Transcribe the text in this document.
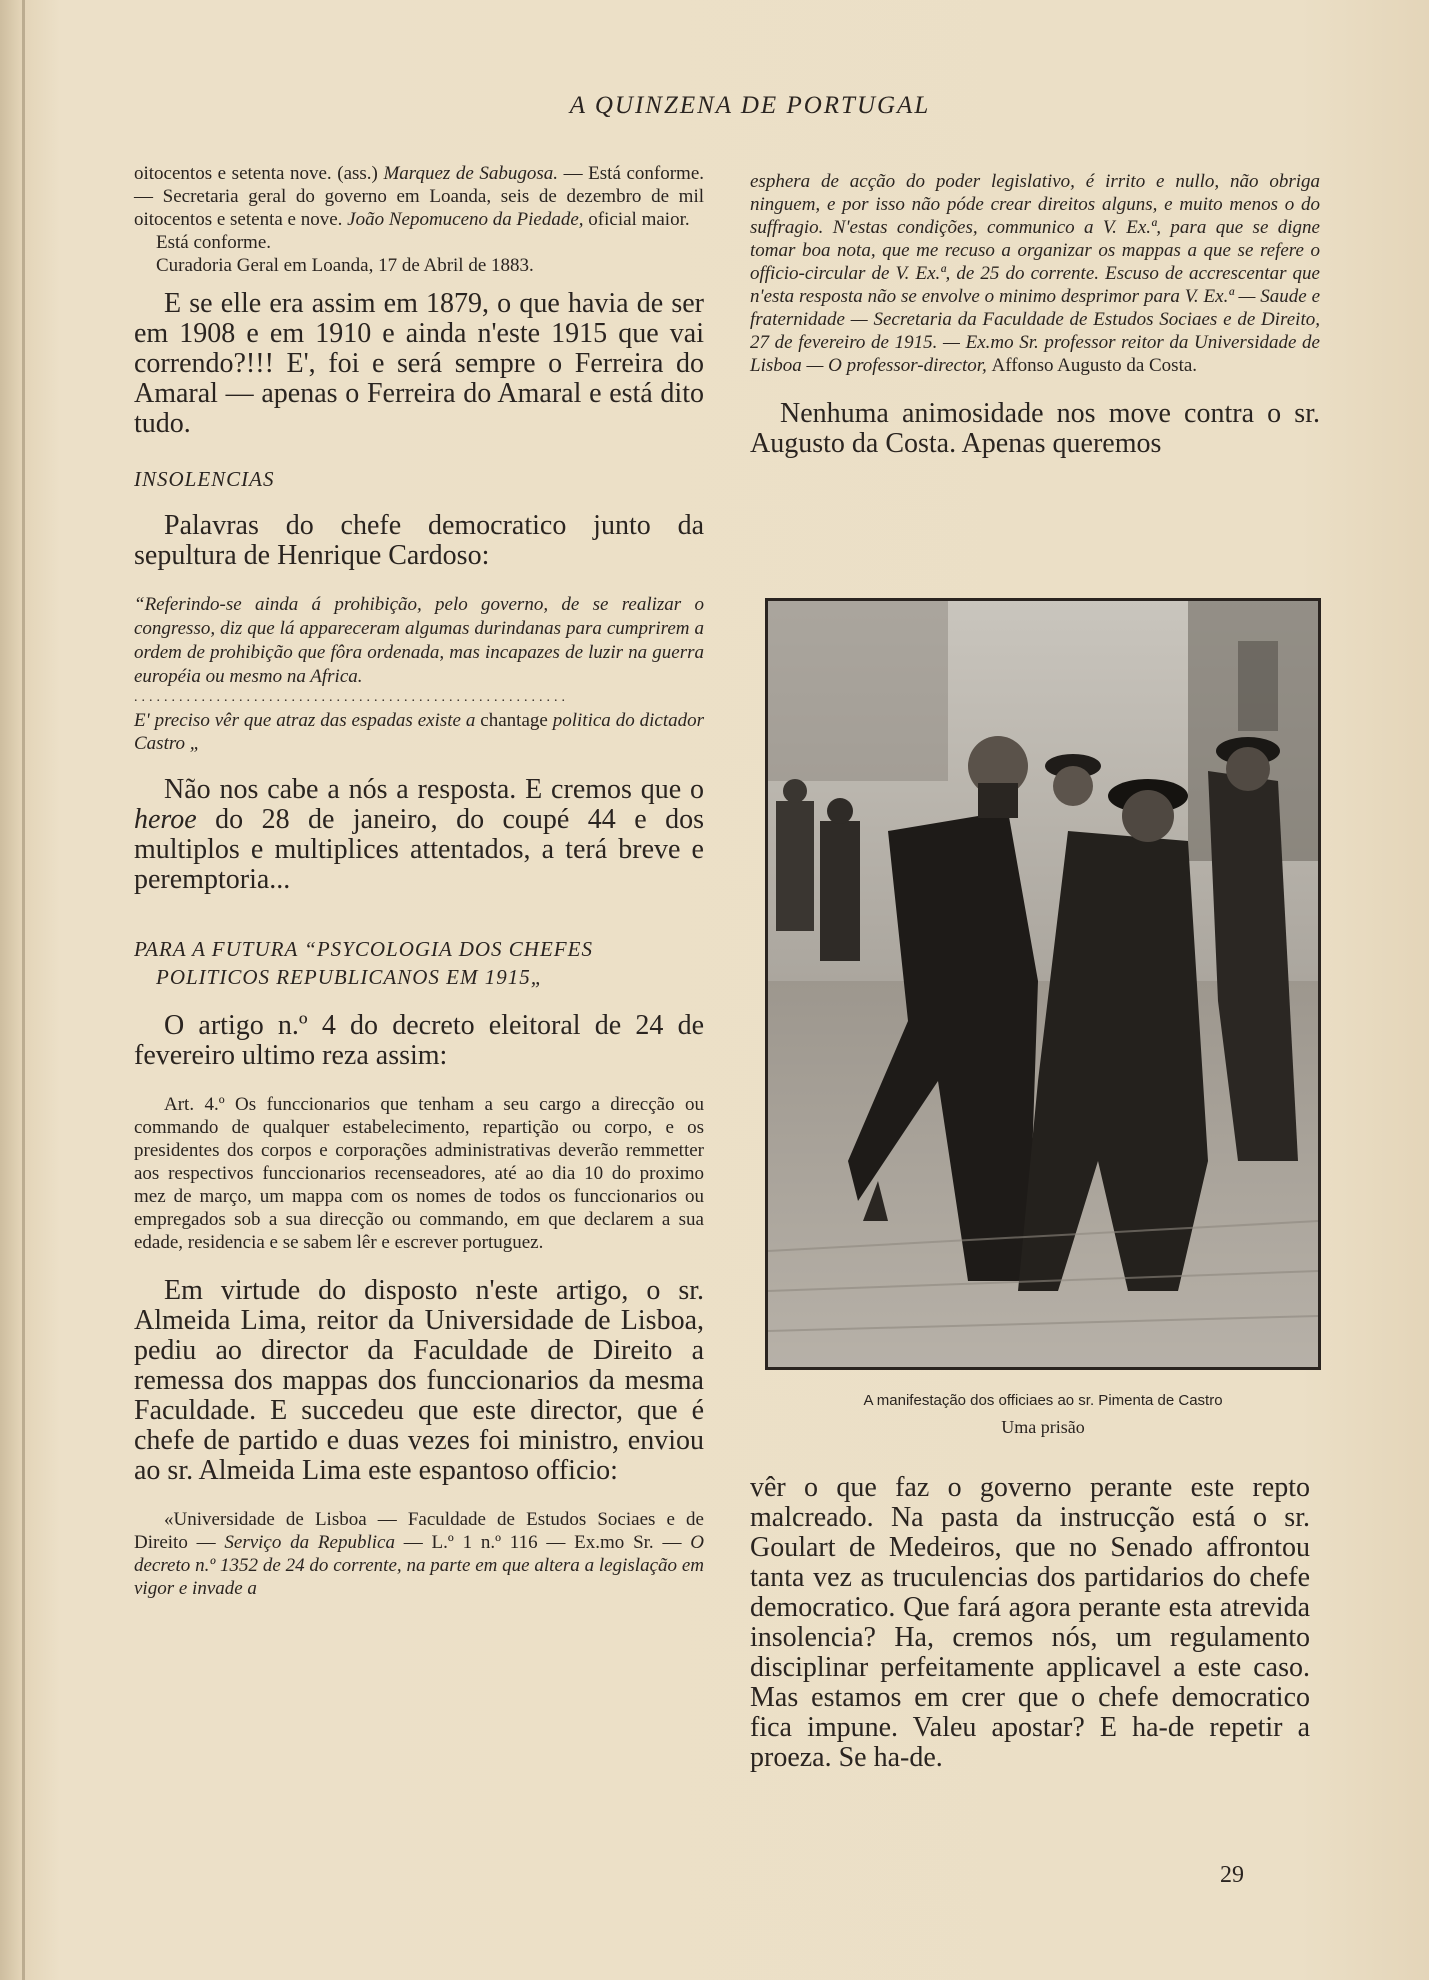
A QUINZENA DE PORTUGAL

oitocentos e setenta nove. (ass.) Marquez de Sabugosa. — Está conforme. — Secretaria geral do governo em Loanda, seis de dezembro de mil oitocentos e setenta e nove. João Nepomuceno da Piedade, oficial maior.

Está conforme.

Curadoria Geral em Loanda, 17 de Abril de 1883.

E se elle era assim em 1879, o que havia de ser em 1908 e em 1910 e ainda n'este 1915 que vai correndo?!!! E', foi e será sempre o Ferreira do Amaral — apenas o Ferreira do Amaral e está dito tudo.

INSOLENCIAS

Palavras do chefe democratico junto da sepultura de Henrique Cardoso:

“Referindo-se ainda á prohibição, pelo governo, de se realizar o congresso, diz que lá appareceram algumas durindanas para cumprirem a ordem de prohibição que fôra ordenada, mas incapazes de luzir na guerra européia ou mesmo na Africa.

..........................................................

E' preciso vêr que atraz das espadas existe a chantage politica do dictador Castro „

Não nos cabe a nós a resposta. E cremos que o heroe do 28 de janeiro, do coupé 44 e dos multiplos e multiplices attentados, a terá breve e peremptoria...

PARA A FUTURA “PSYCOLOGIA DOS CHEFES

POLITICOS REPUBLICANOS EM 1915„

O artigo n.º 4 do decreto eleitoral de 24 de fevereiro ultimo reza assim:

Art. 4.º Os funccionarios que tenham a seu cargo a direcção ou commando de qualquer estabelecimento, repartição ou corpo, e os presidentes dos corpos e corporações administrativas deverão remmetter aos respectivos funccionarios recenseadores, até ao dia 10 do proximo mez de março, um mappa com os nomes de todos os funccionarios ou empregados sob a sua direcção ou commando, em que declarem a sua edade, residencia e se sabem lêr e escrever portuguez.

Em virtude do disposto n'este artigo, o sr. Almeida Lima, reitor da Universidade de Lisboa, pediu ao director da Faculdade de Direito a remessa dos mappas dos funccionarios da mesma Faculdade. E succedeu que este director, que é chefe de partido e duas vezes foi ministro, enviou ao sr. Almeida Lima este espantoso officio:

«Universidade de Lisboa — Faculdade de Estudos Sociaes e de Direito — Serviço da Republica — L.º 1 n.º 116 — Ex.mo Sr. — O decreto n.º 1352 de 24 do corrente, na parte em que altera a legislação em vigor e invade a

esphera de acção do poder legislativo, é irrito e nullo, não obriga ninguem, e por isso não póde crear direitos alguns, e muito menos o do suffragio. N'estas condições, communico a V. Ex.ª, para que se digne tomar boa nota, que me recuso a organizar os mappas a que se refere o officio-circular de V. Ex.ª, de 25 do corrente. Escuso de accrescentar que n'esta resposta não se envolve o minimo desprimor para V. Ex.ª — Saude e fraternidade — Secretaria da Faculdade de Estudos Sociaes e de Direito, 27 de fevereiro de 1915. — Ex.mo Sr. professor reitor da Universidade de Lisboa — O professor-director, Affonso Augusto da Costa.

Nenhuma animosidade nos move contra o sr. Augusto da Costa. Apenas queremos

A manifestação dos officiaes ao sr. Pimenta de Castro
Uma prisão

vêr o que faz o governo perante este repto malcreado. Na pasta da instrucção está o sr. Goulart de Medeiros, que no Senado affrontou tanta vez as truculencias dos partidarios do chefe democratico. Que fará agora perante esta atrevida insolencia? Ha, cremos nós, um regulamento disciplinar perfeitamente applicavel a este caso. Mas estamos em crer que o chefe democratico fica impune. Valeu apostar? E ha-de repetir a proeza. Se ha-de.

29
